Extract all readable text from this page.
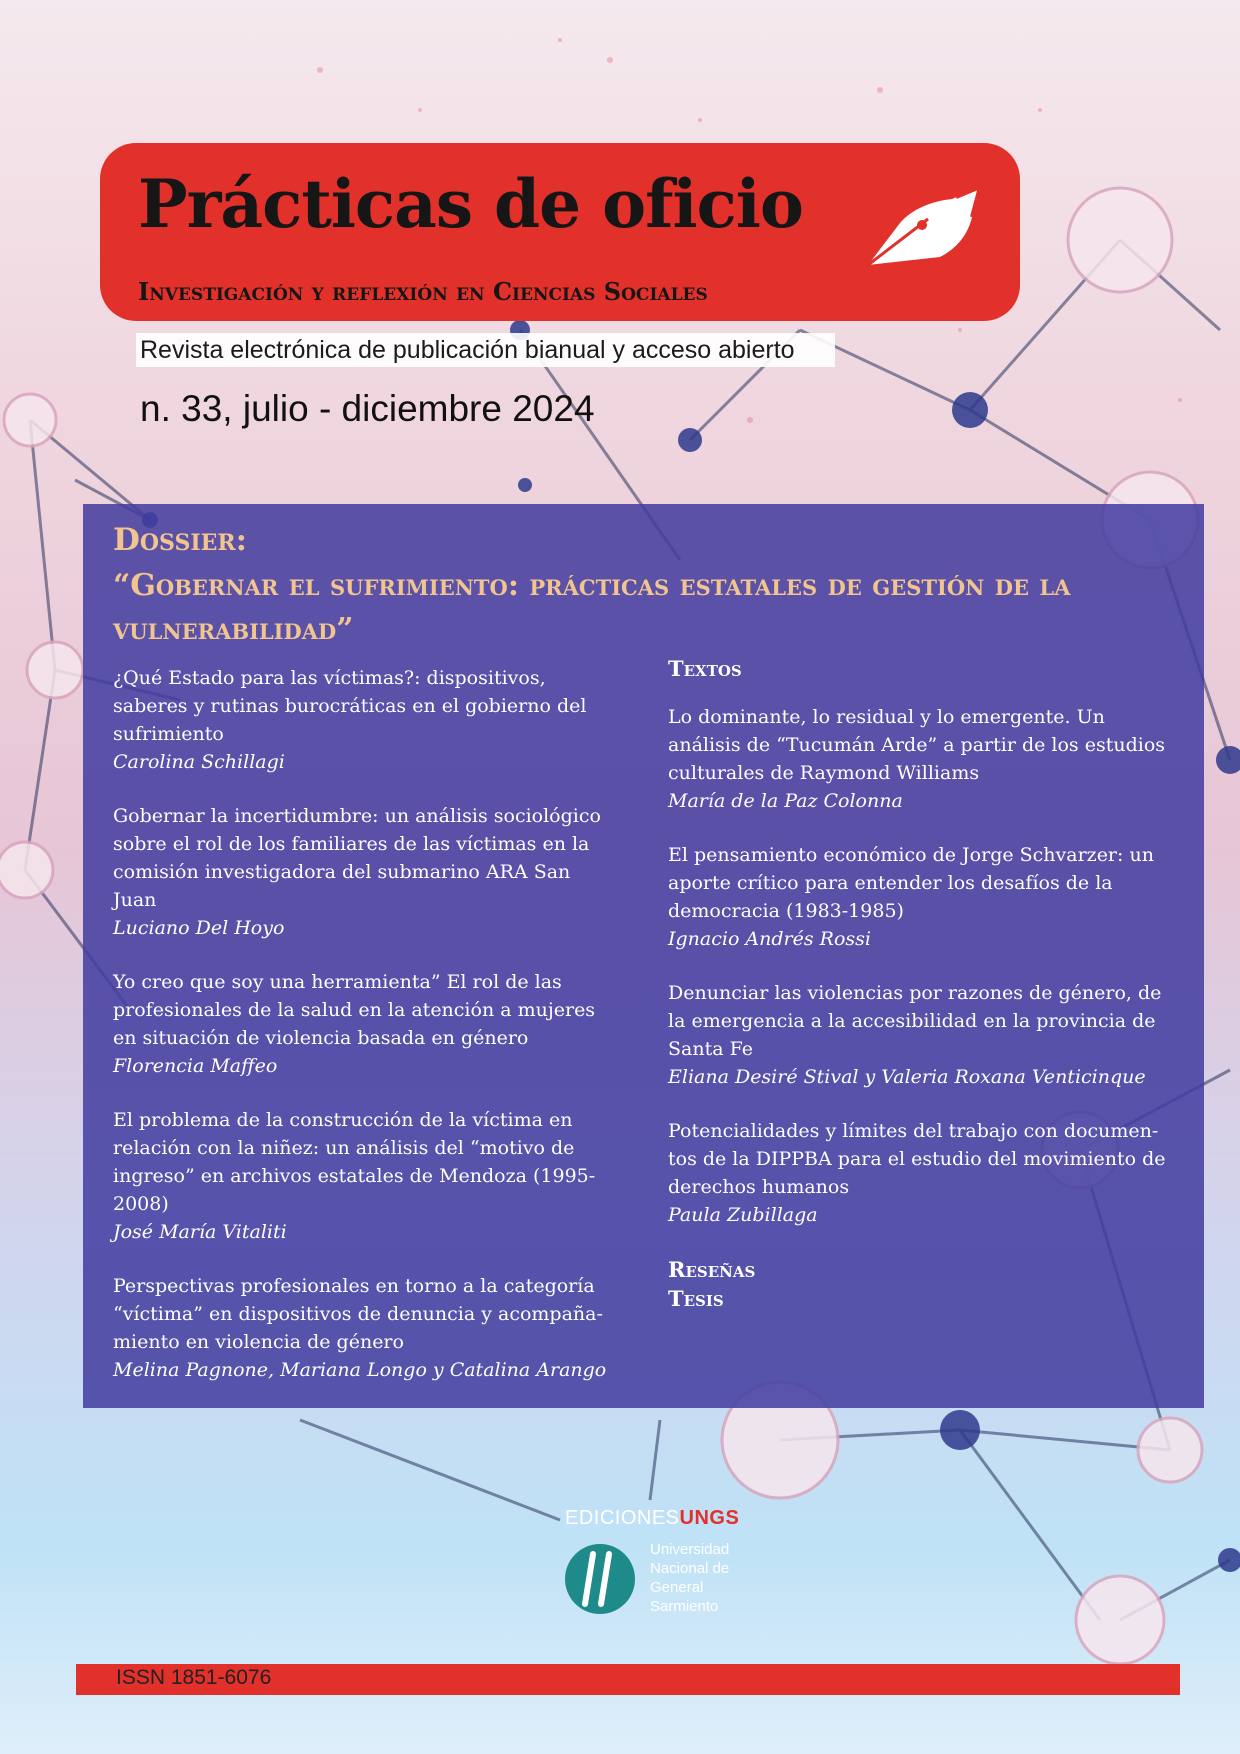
Prácticas de oficio
Investigación y reflexión en Ciencias Sociales
Revista electrónica de publicación bianual y acceso abierto
n. 33, julio - diciembre 2024
Dossier:
“Gobernar el sufrimiento: prácticas estatales de gestión de la vulnerabilidad”
¿Qué Estado para las víctimas?: dispositivos, saberes y rutinas burocráticas en el gobierno del sufrimiento
Carolina Schillagi
Gobernar la incertidumbre: un análisis sociológico sobre el rol de los familiares de las víctimas en la comisión investigadora del submarino ARA San Juan
Luciano Del Hoyo
Yo creo que soy una herramienta” El rol de las profesionales de la salud en la atención a mujeres en situación de violencia basada en género
Florencia Maffeo
El problema de la construcción de la víctima en relación con la niñez: un análisis del “motivo de ingreso” en archivos estatales de Mendoza (1995-2008)
José María Vitaliti
Perspectivas profesionales en torno a la categoría “víctima” en dispositivos de denuncia y acompaña-miento en violencia de género
Melina Pagnone, Mariana Longo y Catalina Arango
Textos
Lo dominante, lo residual y lo emergente. Un análisis de “Tucumán Arde” a partir de los estudios culturales de Raymond Williams
María de la Paz Colonna
El pensamiento económico de Jorge Schvarzer: un aporte crítico para entender los desafíos de la democracia (1983-1985)
Ignacio Andrés Rossi
Denunciar las violencias por razones de género, de la emergencia a la accesibilidad en la provincia de Santa Fe
Eliana Desiré Stival y Valeria Roxana Venticinque
Potencialidades y límites del trabajo con documen-tos de la DIPPBA para el estudio del movimiento de derechos humanos
Paula Zubillaga
Reseñas
Tesis
EDICIONESUNGS
Universidad
Nacional de
General
Sarmiento
ISSN 1851-6076
